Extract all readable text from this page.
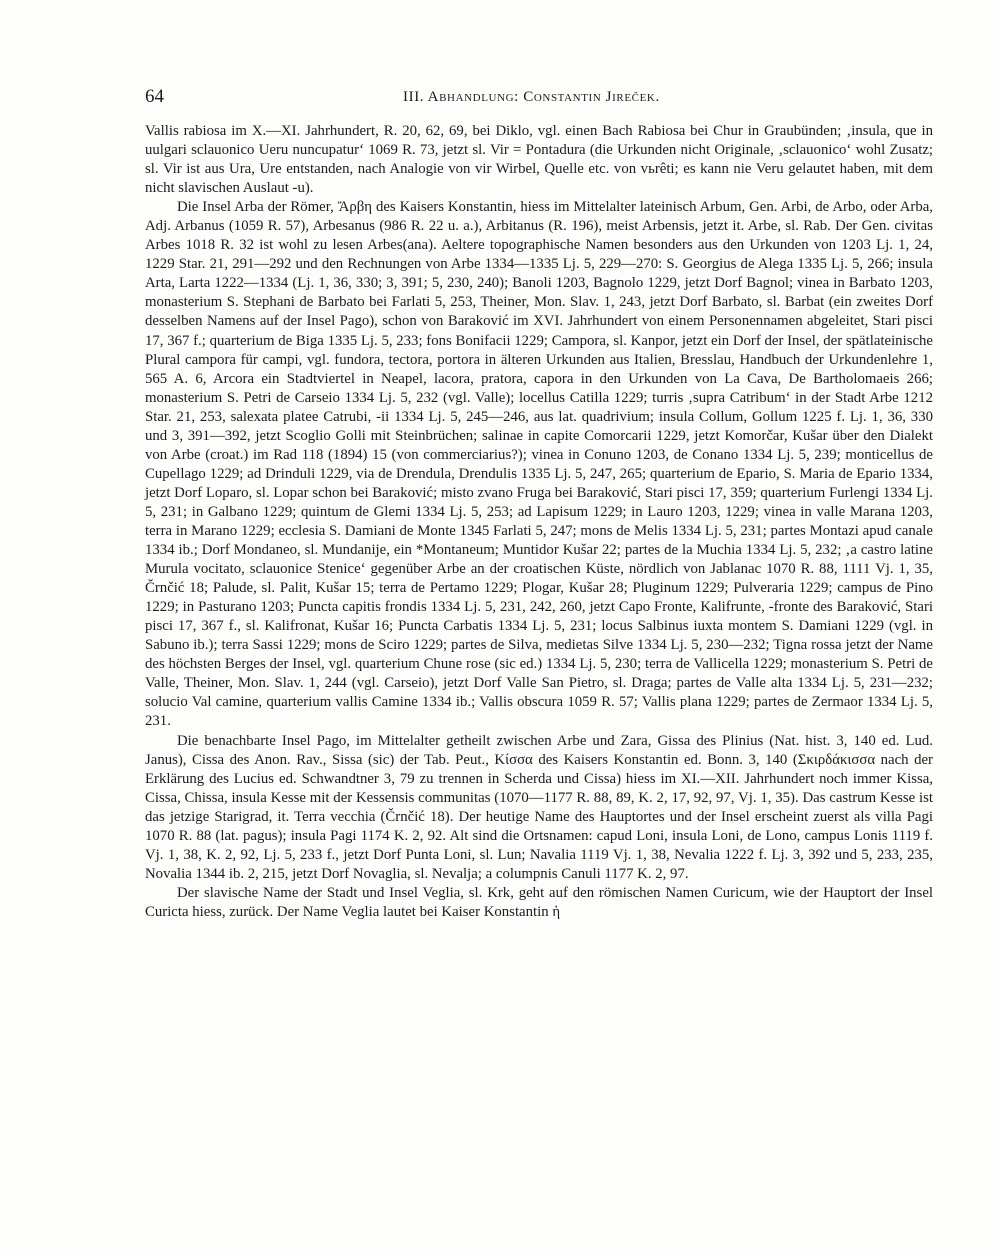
64	III. Abhandlung: Constantin Jireček.

Vallis rabiosa im X.—XI. Jahrhundert, R. 20, 62, 69, bei Diklo, vgl. einen Bach Rabiosa bei Chur in Graubünden; ‚insula, que in uulgari sclauonico Ueru nuncupatur‘ 1069 R. 73, jetzt sl. Vir = Pontadura (die Urkunden nicht Originale, ‚sclauonico‘ wohl Zusatz; sl. Vir ist aus Ura, Ure entstanden, nach Analogie von vir Wirbel, Quelle etc. von vьrêti; es kann nie Veru gelautet haben, mit dem nicht slavischen Auslaut -u).

Die Insel Arba der Römer, Ἄρβη des Kaisers Konstantin, hiess im Mittelalter lateinisch Arbum, Gen. Arbi, de Arbo, oder Arba, Adj. Arbanus (1059 R. 57), Arbesanus (986 R. 22 u. a.), Arbitanus (R. 196), meist Arbensis, jetzt it. Arbe, sl. Rab. Der Gen. civitas Arbes 1018 R. 32 ist wohl zu lesen Arbes(ana). Aeltere topographische Namen besonders aus den Urkunden von 1203 Lj. 1, 24, 1229 Star. 21, 291—292 und den Rechnungen von Arbe 1334—1335 Lj. 5, 229—270: S. Georgius de Alega 1335 Lj. 5, 266; insula Arta, Larta 1222—1334 (Lj. 1, 36, 330; 3, 391; 5, 230, 240); Banoli 1203, Bagnolo 1229, jetzt Dorf Bagnol; vinea in Barbato 1203, monasterium S. Stephani de Barbato bei Farlati 5, 253, Theiner, Mon. Slav. 1, 243, jetzt Dorf Barbato, sl. Barbat (ein zweites Dorf desselben Namens auf der Insel Pago), schon von Baraković im XVI. Jahrhundert von einem Personennamen abgeleitet, Stari pisci 17, 367 f.; quarterium de Biga 1335 Lj. 5, 233; fons Bonifacii 1229; Campora, sl. Kanpor, jetzt ein Dorf der Insel, der spätlateinische Plural campora für campi, vgl. fundora, tectora, portora in älteren Urkunden aus Italien, Bresslau, Handbuch der Urkundenlehre 1, 565 A. 6, Arcora ein Stadtviertel in Neapel, lacora, pratora, capora in den Urkunden von La Cava, De Bartholomaeis 266; monasterium S. Petri de Carseio 1334 Lj. 5, 232 (vgl. Valle); locellus Catilla 1229; turris ‚supra Catribum‘ in der Stadt Arbe 1212 Star. 21, 253, salexata platee Catrubi, -ii 1334 Lj. 5, 245—246, aus lat. quadrivium; insula Collum, Gollum 1225 f. Lj. 1, 36, 330 und 3, 391—392, jetzt Scoglio Golli mit Steinbrüchen; salinae in capite Comorcarii 1229, jetzt Komorčar, Kušar über den Dialekt von Arbe (croat.) im Rad 118 (1894) 15 (von commerciarius?); vinea in Conuno 1203, de Conano 1334 Lj. 5, 239; monticellus de Cupellago 1229; ad Drinduli 1229, via de Drendula, Drendulis 1335 Lj. 5, 247, 265; quarterium de Epario, S. Maria de Epario 1334, jetzt Dorf Loparo, sl. Lopar schon bei Baraković; misto zvano Fruga bei Baraković, Stari pisci 17, 359; quarterium Furlengi 1334 Lj. 5, 231; in Galbano 1229; quintum de Glemi 1334 Lj. 5, 253; ad Lapisum 1229; in Lauro 1203, 1229; vinea in valle Marana 1203, terra in Marano 1229; ecclesia S. Damiani de Monte 1345 Farlati 5, 247; mons de Melis 1334 Lj. 5, 231; partes Montazi apud canale 1334 ib.; Dorf Mondaneo, sl. Mundanije, ein *Montaneum; Muntidor Kušar 22; partes de la Muchia 1334 Lj. 5, 232; ‚a castro latine Murula vocitato, sclauonice Stenice‘ gegenüber Arbe an der croatischen Küste, nördlich von Jablanac 1070 R. 88, 1111 Vj. 1, 35, Črnčić 18; Palude, sl. Palit, Kušar 15; terra de Pertamo 1229; Plogar, Kušar 28; Pluginum 1229; Pulveraria 1229; campus de Pino 1229; in Pasturano 1203; Puncta capitis frondis 1334 Lj. 5, 231, 242, 260, jetzt Capo Fronte, Kalifrunte, -fronte des Baraković, Stari pisci 17, 367 f., sl. Kalifronat, Kušar 16; Puncta Carbatis 1334 Lj. 5, 231; locus Salbinus iuxta montem S. Damiani 1229 (vgl. in Sabuno ib.); terra Sassi 1229; mons de Sciro 1229; partes de Silva, medietas Silve 1334 Lj. 5, 230—232; Tigna rossa jetzt der Name des höchsten Berges der Insel, vgl. quarterium Chune rose (sic ed.) 1334 Lj. 5, 230; terra de Vallicella 1229; monasterium S. Petri de Valle, Theiner, Mon. Slav. 1, 244 (vgl. Carseio), jetzt Dorf Valle San Pietro, sl. Draga; partes de Valle alta 1334 Lj. 5, 231—232; solucio Val camine, quarterium vallis Camine 1334 ib.; Vallis obscura 1059 R. 57; Vallis plana 1229; partes de Zermaor 1334 Lj. 5, 231.

Die benachbarte Insel Pago, im Mittelalter getheilt zwischen Arbe und Zara, Gissa des Plinius (Nat. hist. 3, 140 ed. Lud. Janus), Cissa des Anon. Rav., Sissa (sic) der Tab. Peut., Κίσσα des Kaisers Konstantin ed. Bonn. 3, 140 (Σκιρδάκισσα nach der Erklärung des Lucius ed. Schwandtner 3, 79 zu trennen in Scherda und Cissa) hiess im XI.—XII. Jahrhundert noch immer Kissa, Cissa, Chissa, insula Kesse mit der Kessensis communitas (1070—1177 R. 88, 89, K. 2, 17, 92, 97, Vj. 1, 35). Das castrum Kesse ist das jetzige Starigrad, it. Terra vecchia (Črnčić 18). Der heutige Name des Hauptortes und der Insel erscheint zuerst als villa Pagi 1070 R. 88 (lat. pagus); insula Pagi 1174 K. 2, 92. Alt sind die Ortsnamen: capud Loni, insula Loni, de Lono, campus Lonis 1119 f. Vj. 1, 38, K. 2, 92, Lj. 5, 233 f., jetzt Dorf Punta Loni, sl. Lun; Navalia 1119 Vj. 1, 38, Nevalia 1222 f. Lj. 3, 392 und 5, 233, 235, Novalia 1344 ib. 2, 215, jetzt Dorf Novaglia, sl. Nevalja; a columpnis Canuli 1177 K. 2, 97.

Der slavische Name der Stadt und Insel Veglia, sl. Krk, geht auf den römischen Namen Curicum, wie der Hauptort der Insel Curicta hiess, zurück. Der Name Veglia lautet bei Kaiser Konstantin ἡ
